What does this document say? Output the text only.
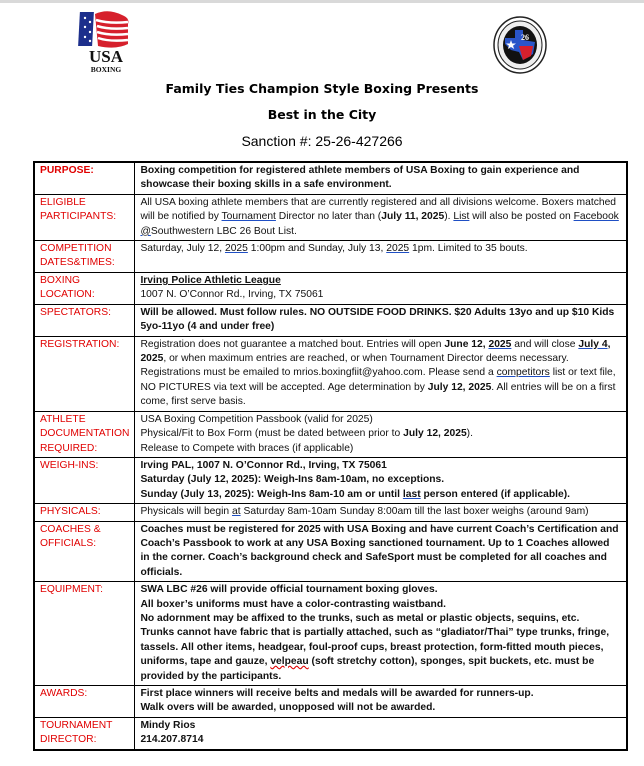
USA
BOXING
26
Family Ties Champion Style Boxing Presents
Best in the City
Sanction #: 25-26-427266
PURPOSE:	Boxing competition for registered athlete members of USA Boxing to gain experience and showcase their boxing skills in a safe environment.

ELIGIBLE
PARTICIPANTS:	All USA boxing athlete members that are currently registered and all divisions welcome. Boxers matched will be notified by Tournament Director no later than (July 11, 2025). List will also be posted on Facebook @Southwestern LBC 26 Bout List.

COMPETITION
DATES&TIMES:	Saturday, July 12, 2025 1:00pm and Sunday, July 13, 2025 1pm. Limited to 35 bouts.

BOXING
LOCATION:	Irving Police Athletic League
1007 N. O’Connor Rd., Irving, TX 75061

SPECTATORS:	Will be allowed. Must follow rules. NO OUTSIDE FOOD DRINKS. $20 Adults 13yo and up $10 Kids 5yo-11yo (4 and under free)
REGISTRATION:	Registration does not guarantee a matched bout. Entries will open June 12, 2025 and will close July 4, 2025, or when maximum entries are reached, or when Tournament Director deems necessary. Registrations must be emailed to mrios.boxingfiit@yahoo.com. Please send a competitors list or text file, NO PICTURES via text will be accepted. Age determination by July 12, 2025. All entries will be on a first come, first serve basis.

ATHLETE
DOCUMENTATION
REQUIRED:	USA Boxing Competition Passbook (valid for 2025)
Physical/Fit to Box Form (must be dated between prior to July 12, 2025).
Release to Compete with braces (if applicable)

WEIGH-INS:	Irving PAL, 1007 N. O’Connor Rd., Irving, TX 75061
Saturday (July 12, 2025): Weigh-Ins 8am-10am, no exceptions.
Sunday (July 13, 2025): Weigh-Ins 8am-10 am or until last person entered (if applicable).

PHYSICALS:	Physicals will begin at Saturday 8am-10am Sunday 8:00am till the last boxer weighs (around 9am)

COACHES &
OFFICIALS:	Coaches must be registered for 2025 with USA Boxing and have current Coach’s Certification and Coach’s Passbook to work at any USA Boxing sanctioned tournament. Up to 1 Coaches allowed in the corner. Coach’s background check and SafeSport must be completed for all coaches and officials.
EQUIPMENT:	SWA LBC #26 will provide official tournament boxing gloves.
All boxer’s uniforms must have a color-contrasting waistband.
No adornment may be affixed to the trunks, such as metal or plastic objects, sequins, etc.
Trunks cannot have fabric that is partially attached, such as “gladiator/Thai” type trunks, fringe, tassels. All other items, headgear, foul-proof cups, breast protection, form-fitted mouth pieces, uniforms, tape and gauze, velpeau (soft stretchy cotton), sponges, spit buckets, etc. must be provided by the participants.

AWARDS:	First place winners will receive belts and medals will be awarded for runners-up.
Walk overs will be awarded, unopposed will not be awarded.

TOURNAMENT
DIRECTOR:	Mindy Rios
214.207.8714
